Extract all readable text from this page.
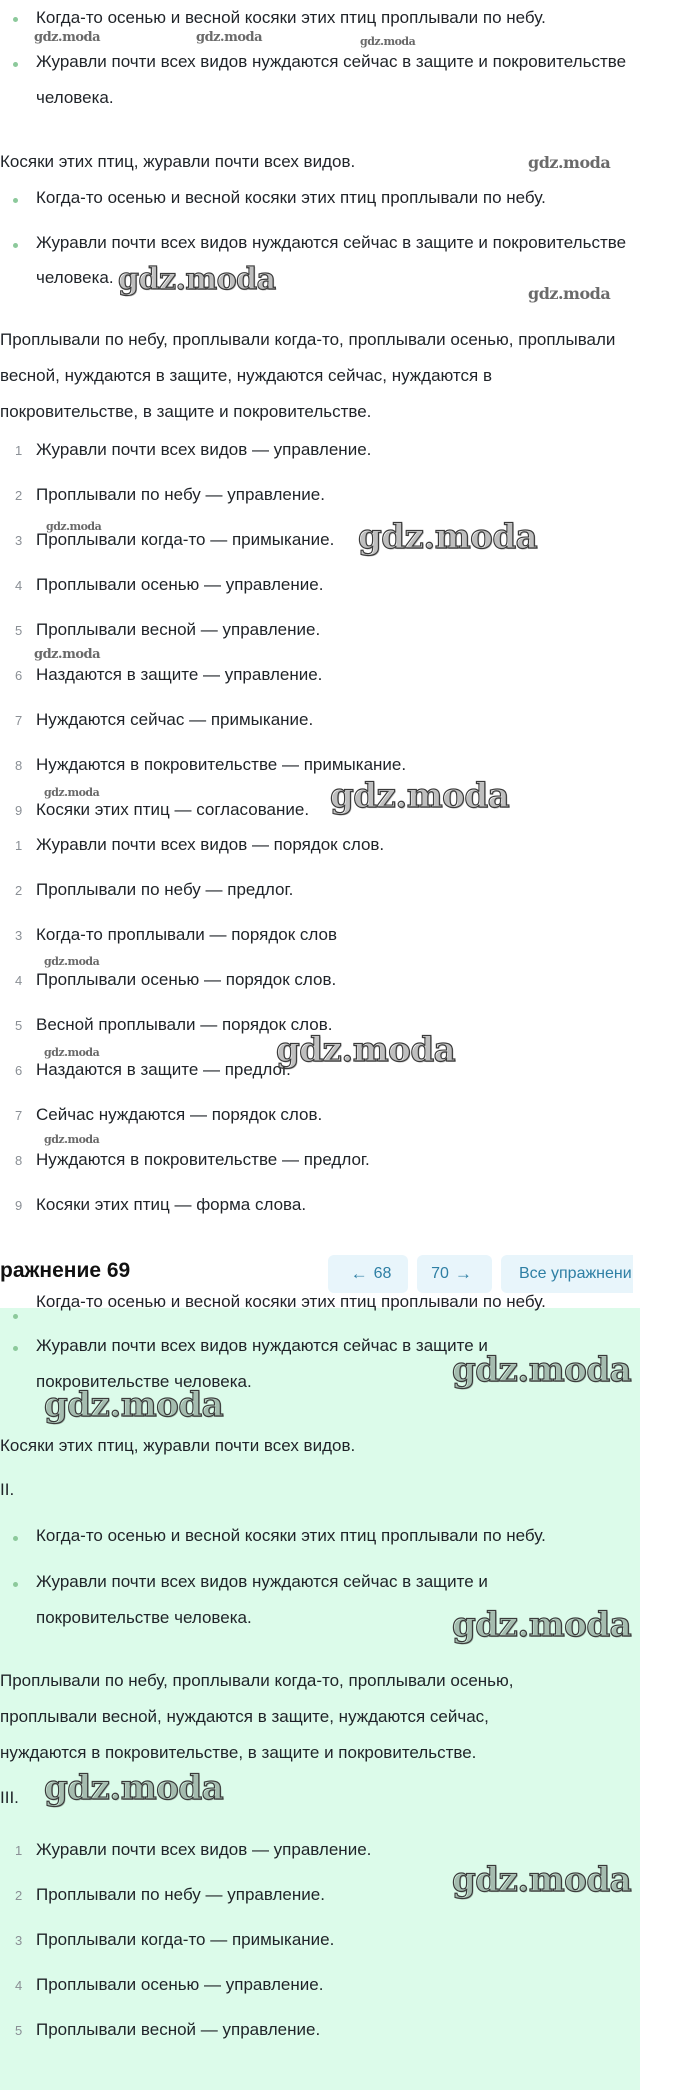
Когда-то осенью и весной косяки этих птиц проплывали по небу.
Журавли почти всех видов нуждаются сейчас в защите и покровительстве
человека.
Косяки этих птиц, журавли почти всех видов.
Когда-то осенью и весной косяки этих птиц проплывали по небу.
Журавли почти всех видов нуждаются сейчас в защите и покровительстве
человека.
Проплывали по небу, проплывали когда-то, проплывали осенью, проплывали
весной, нуждаются в защите, нуждаются сейчас, нуждаются в
покровительстве, в защите и покровительстве.
1 Журавли почти всех видов — управление.
2 Проплывали по небу — управление.
3 Проплывали когда-то — примыкание.
4 Проплывали осенью — управление.
5 Проплывали весной — управление.
6 Наздаются в защите — управление.
7 Нуждаются сейчас — примыкание.
8 Нуждаются в покровительстве — примыкание.
9 Косяки этих птиц — согласование.
1 Журавли почти всех видов — порядок слов.
2 Проплывали по небу — предлог.
3 Когда-то проплывали — порядок слов
4 Проплывали осенью — порядок слов.
5 Весной проплывали — порядок слов.
6 Наздаются в защите — предлог.
7 Сейчас нуждаются — порядок слов.
8 Нуждаются в покровительстве — предлог.
9 Косяки этих птиц — форма слова.
ражнение 69	← 68 70 →	Все упражнени
Когда-то осенью и весной косяки этих птиц проплывали по небу.
Журавли почти всех видов нуждаются сейчас в защите и
покровительстве человека.
Косяки этих птиц, журавли почти всех видов.
II.
Когда-то осенью и весной косяки этих птиц проплывали по небу.
Журавли почти всех видов нуждаются сейчас в защите и
покровительстве человека.
Проплывали по небу, проплывали когда-то, проплывали осенью,
проплывали весной, нуждаются в защите, нуждаются сейчас,
нуждаются в покровительстве, в защите и покровительстве.
III.
1 Журавли почти всех видов — управление.
2 Проплывали по небу — управление.
3 Проплывали когда-то — примыкание.
4 Проплывали осенью — управление.
5 Проплывали весной — управление.
gdz.moda	gdz.moda	gdz.moda
gdz.moda
gdz.moda	gdz.moda
gdz.moda	gdz.moda
gdz.moda
gdz.moda	gdz.moda
gdz.moda
gdz.moda	gdz.moda
gdz.moda
gdz.moda
gdz.moda
gdz.moda
gdz.moda
gdz.moda
